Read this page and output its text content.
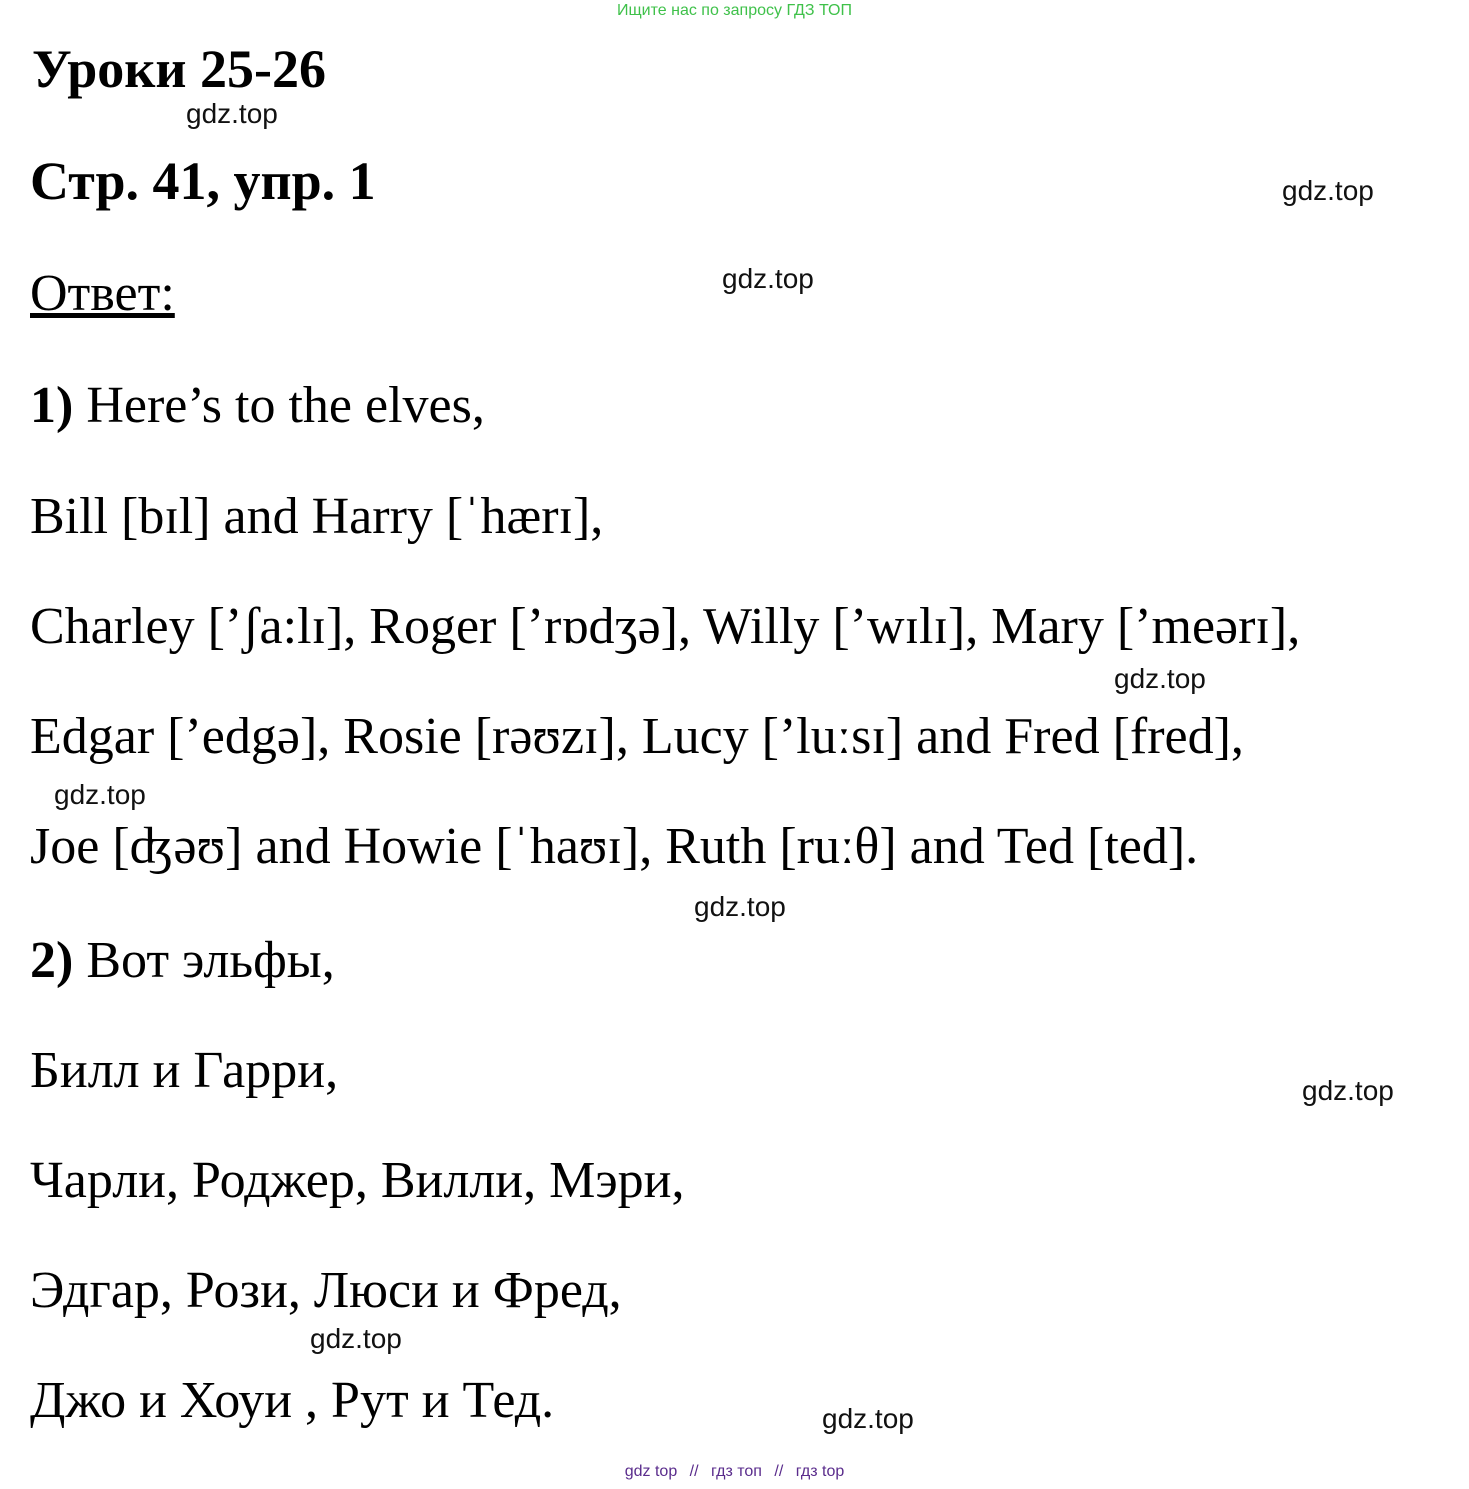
Ищите нас по запросу ГДЗ ТОП
Уроки 25-26
Стр. 41, упр. 1
Ответ:
1) Here’s to the elves,
Bill [bɪl] and Harry [ˈhærɪ],
Charley [’ʃa:lɪ], Roger [’rɒdʒə], Willy [’wɪlɪ], Mary [’meərɪ],
Edgar [’edgə], Rosie [rəʊzɪ], Lucy [’luːsɪ] and Fred [fred],
Joe [ʤəʊ] and Howie [ˈhaʊɪ], Ruth [ruːθ] and Ted [ted].
2) Вот эльфы,
Билл и Гарри,
Чарли, Роджер, Вилли, Мэри,
Эдгар, Рози, Люси и Фред,
Джо и Хоуи , Рут и Тед.
gdz.top
gdz.top
gdz.top
gdz.top
gdz.top
gdz.top
gdz.top
gdz.top
gdz.top
gdz top // гдз топ // гдз top
